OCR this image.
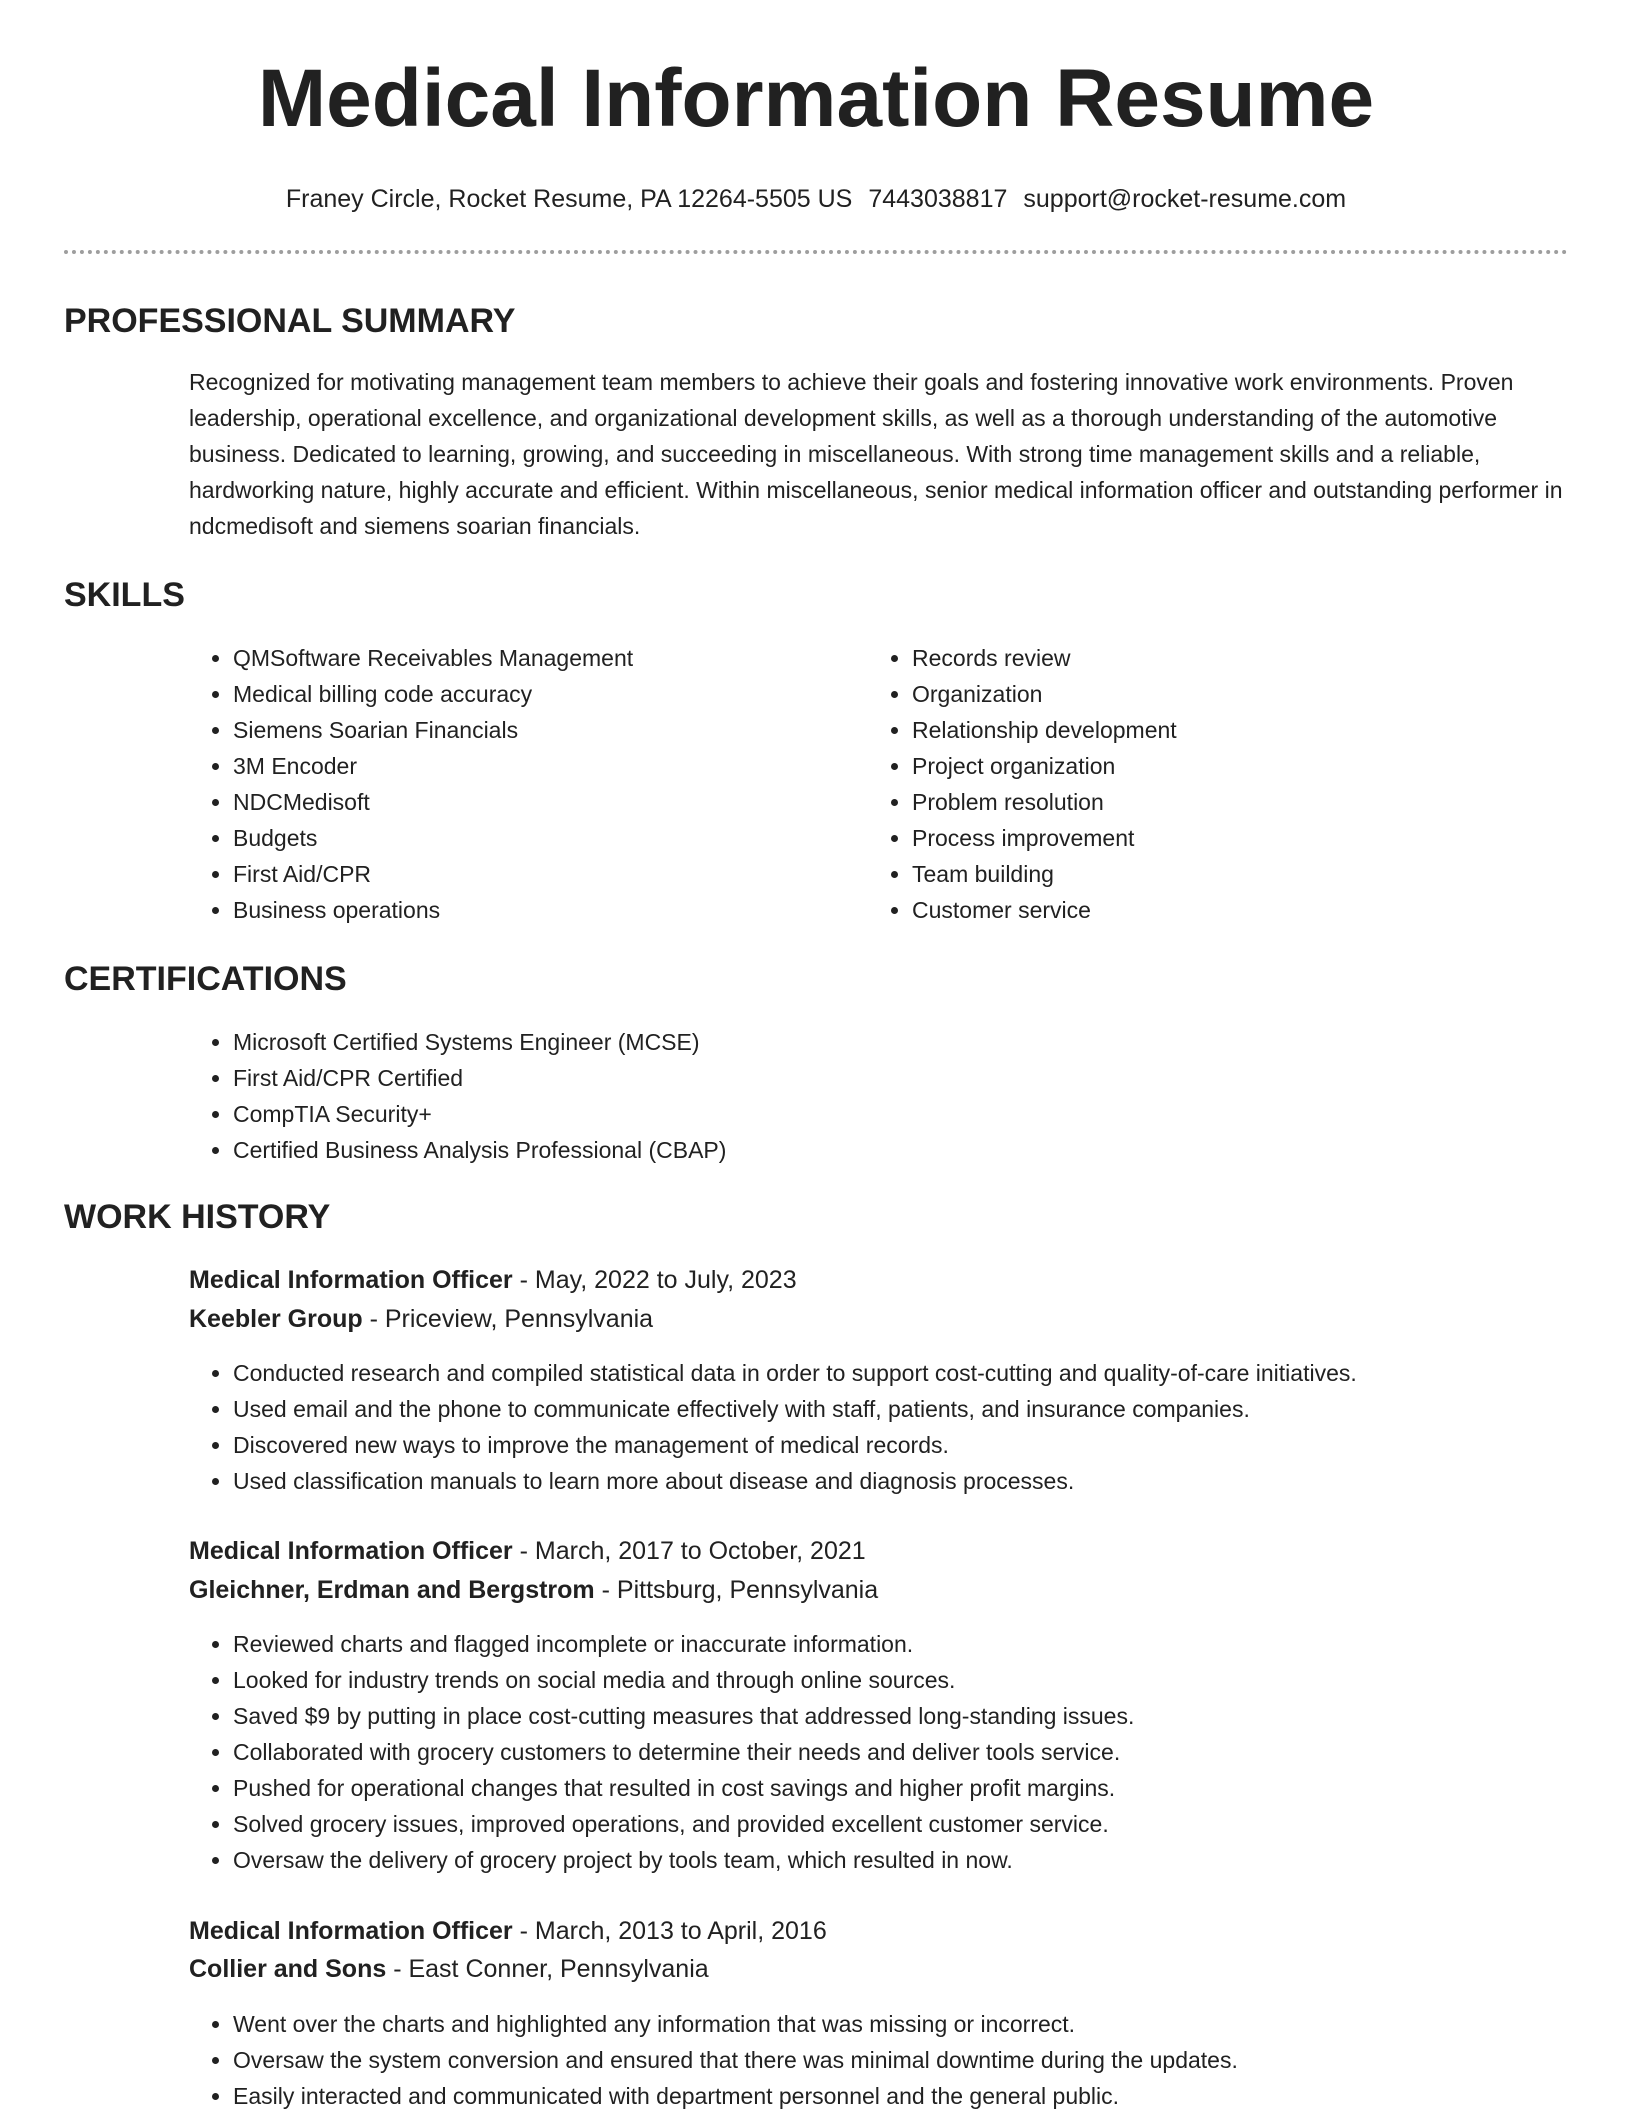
Medical Information Resume
Franey Circle, Rocket Resume, PA 12264-5505 US 7443038817 support@rocket-resume.com
PROFESSIONAL SUMMARY

Recognized for motivating management team members to achieve their goals and fostering innovative work environments. Proven leadership, operational excellence, and organizational development skills, as well as a thorough understanding of the automotive business. Dedicated to learning, growing, and succeeding in miscellaneous. With strong time management skills and a reliable, hardworking nature, highly accurate and efficient. Within miscellaneous, senior medical information officer and outstanding performer in ndcmedisoft and siemens soarian financials.

SKILLS
• QMSoftware Receivables Management
• Medical billing code accuracy
• Siemens Soarian Financials
• 3M Encoder
• NDCMedisoft
• Budgets
• First Aid/CPR
• Business operations
• Records review
• Organization
• Relationship development
• Project organization
• Problem resolution
• Process improvement
• Team building
• Customer service
CERTIFICATIONS
• Microsoft Certified Systems Engineer (MCSE)
• First Aid/CPR Certified
• CompTIA Security+
• Certified Business Analysis Professional (CBAP)
WORK HISTORY
Medical Information Officer - May, 2022 to July, 2023
Keebler Group - Priceview, Pennsylvania
• Conducted research and compiled statistical data in order to support cost-cutting and quality-of-care initiatives.
• Used email and the phone to communicate effectively with staff, patients, and insurance companies.
• Discovered new ways to improve the management of medical records.
• Used classification manuals to learn more about disease and diagnosis processes.
Medical Information Officer - March, 2017 to October, 2021
Gleichner, Erdman and Bergstrom - Pittsburg, Pennsylvania
• Reviewed charts and flagged incomplete or inaccurate information.
• Looked for industry trends on social media and through online sources.
• Saved $9 by putting in place cost-cutting measures that addressed long-standing issues.
• Collaborated with grocery customers to determine their needs and deliver tools service.
• Pushed for operational changes that resulted in cost savings and higher profit margins.
• Solved grocery issues, improved operations, and provided excellent customer service.
• Oversaw the delivery of grocery project by tools team, which resulted in now.
Medical Information Officer - March, 2013 to April, 2016
Collier and Sons - East Conner, Pennsylvania
• Went over the charts and highlighted any information that was missing or incorrect.
• Oversaw the system conversion and ensured that there was minimal downtime during the updates.
• Easily interacted and communicated with department personnel and the general public.
